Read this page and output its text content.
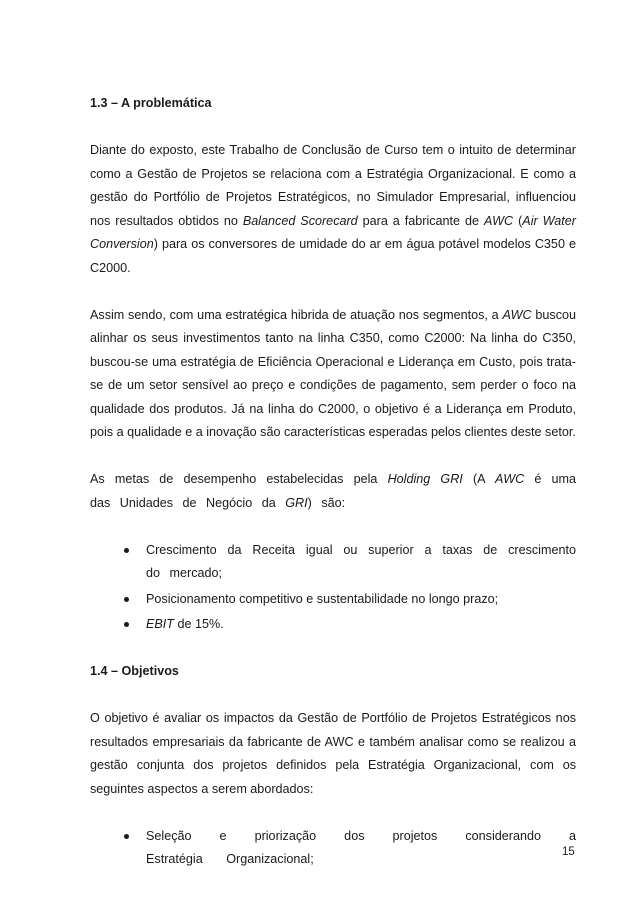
1.3 – A problemática

Diante do exposto, este Trabalho de Conclusão de Curso tem o intuito de determinar como a Gestão de Projetos se relaciona com a Estratégia Organizacional. E como a gestão do Portfólio de Projetos Estratégicos, no Simulador Empresarial, influenciou nos resultados obtidos no Balanced Scorecard para a fabricante de AWC (Air Water Conversion) para os conversores de umidade do ar em água potável modelos C350 e C2000.

Assim sendo, com uma estratégica hibrida de atuação nos segmentos, a AWC buscou alinhar os seus investimentos tanto na linha C350, como C2000: Na linha do C350, buscou-se uma estratégia de Eficiência Operacional e Liderança em Custo, pois trata-se de um setor sensível ao preço e condições de pagamento, sem perder o foco na qualidade dos produtos. Já na linha do C2000, o objetivo é a Liderança em Produto, pois a qualidade e a inovação são características esperadas pelos clientes deste setor.

As metas de desempenho estabelecidas pela Holding GRI (A AWC é uma das Unidades de Negócio da GRI) são:

Crescimento da Receita igual ou superior a taxas de crescimento do mercado;
Posicionamento competitivo e sustentabilidade no longo prazo;
EBIT de 15%.
1.4 – Objetivos

O objetivo é avaliar os impactos da Gestão de Portfólio de Projetos Estratégicos nos resultados empresariais da fabricante de AWC e também analisar como se realizou a gestão conjunta dos projetos definidos pela Estratégia Organizacional, com os seguintes aspectos a serem abordados:

Seleção e priorização dos projetos considerando a Estratégia Organizacional;	15
